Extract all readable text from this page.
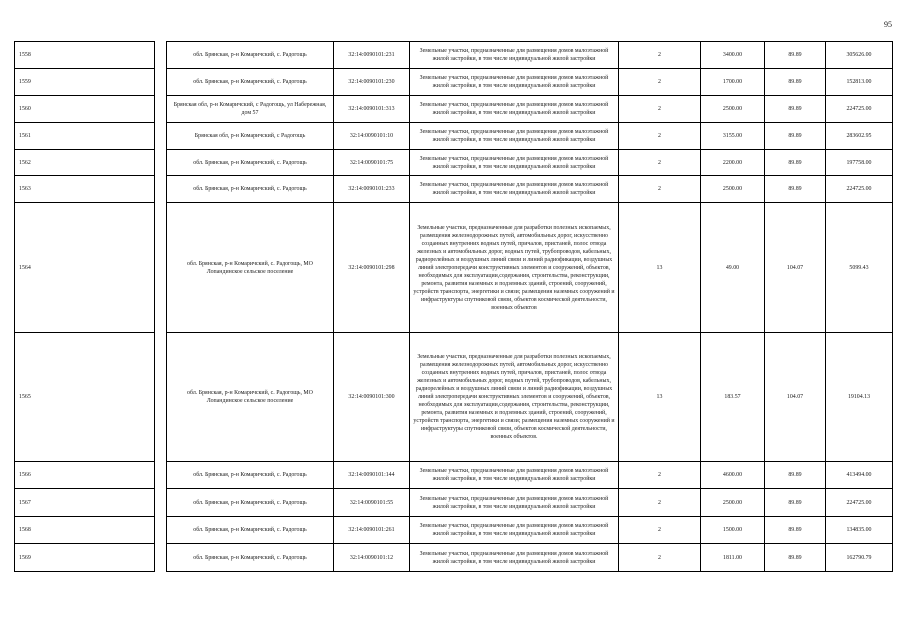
95
1558		обл. Брянская, р-н Комаричский, с. Радогощь	32:14:0090101:231	Земельные участки, предназначенные для размещения домов малоэтажной жилой застройки, в том числе индивидуальной жилой застройки	2	3400.00	89.89	305626.00
1559		обл. Брянская, р-н Комаричский, с. Радогощь	32:14:0090101:230	Земельные участки, предназначенные для размещения домов малоэтажной жилой застройки, в том числе индивидуальной жилой застройки	2	1700.00	89.89	152813.00
1560		Брянская обл, р-н Комаричский, с Радогощь, ул Набережная, дом 57	32:14:0090101:313	Земельные участки, предназначенные для размещения домов малоэтажной жилой застройки, в том числе индивидуальной жилой застройки	2	2500.00	89.89	224725.00
1561		Брянская обл, р-н Комаричский, с Радогощь	32:14:0090101:10	Земельные участки, предназначенные для размещения домов малоэтажной жилой застройки, в том числе индивидуальной жилой застройки	2	3155.00	89.89	283602.95
1562		обл. Брянская, р-н Комаричский, с. Радогощь	32:14:0090101:75	Земельные участки, предназначенные для размещения домов малоэтажной жилой застройки, в том числе индивидуальной жилой застройки	2	2200.00	89.89	197758.00
1563		обл. Брянская, р-н Комаричский, с. Радогощь	32:14:0090101:233	Земельные участки, предназначенные для размещения домов малоэтажной жилой застройки, в том числе индивидуальной жилой застройки	2	2500.00	89.89	224725.00
1564		обл. Брянская, р-н Комаричский, с. Радогощь, МО Лопандинское сельское поселение	32:14:0090101:298	Земельные участки, предназначенные для разработки полезных ископаемых, размещения железнодорожных путей, автомобильных дорог, искусственно созданных внутренних водных путей, причалов, пристаней, полос отвода железных и автомобильных дорог, водных путей, трубопроводов, кабельных, радиорелейных и воздушных линий связи и линий радиофикации, воздушных линий электропередачи конструктивных элементов и сооружений, объектов, необходимых для эксплуатации,содержания, строительства, реконструкции, ремонта, развития наземных и подземных зданий, строений, сооружений, устройств транспорта, энергетики и связи; размещения наземных сооружений и инфраструктуры спутниковой связи, объектов космической деятельности, военных объектов	13	49.00	104.07	5099.43
1565		обл. Брянская, р-н Комаричский, с. Радогощь, МО Лопандинское сельское поселение	32:14:0090101:300	Земельные участки, предназначенные для разработки полезных ископаемых, размещения железнодорожных путей, автомобильных дорог, искусственно созданных внутренних водных путей, причалов, пристаней, полос отвода железных и автомобильных дорог, водных путей, трубопроводов, кабельных, радиорелейных и воздушных линий связи и линий радиофикации, воздушных линий электропередачи конструктивных элементов и сооружений, объектов, необходимых для эксплуатации,содержания, строительства, реконструкции, ремонта, развития наземных и подземных зданий, строений, сооружений, устройств транспорта, энергетики и связи; размещения наземных сооружений и инфраструктуры спутниковой связи, объектов космической деятельности, военных объектов.	13	183.57	104.07	19104.13
1566		обл. Брянская, р-н Комаричский, с. Радогощь	32:14:0090101:144	Земельные участки, предназначенные для размещения домов малоэтажной жилой застройки, в том числе индивидуальной жилой застройки	2	4600.00	89.89	413494.00
1567		обл. Брянская, р-н Комаричский, с. Радогощь	32:14:0090101:55	Земельные участки, предназначенные для размещения домов малоэтажной жилой застройки, в том числе индивидуальной жилой застройки	2	2500.00	89.89	224725.00
1568		обл. Брянская, р-н Комаричский, с. Радогощь	32:14:0090101:261	Земельные участки, предназначенные для размещения домов малоэтажной жилой застройки, в том числе индивидуальной жилой застройки	2	1500.00	89.89	134835.00
1569		обл. Брянская, р-н Комаричский, с. Радогощь	32:14:0090101:12	Земельные участки, предназначенные для размещения домов малоэтажной жилой застройки, в том числе индивидуальной жилой застройки	2	1811.00	89.89	162790.79
